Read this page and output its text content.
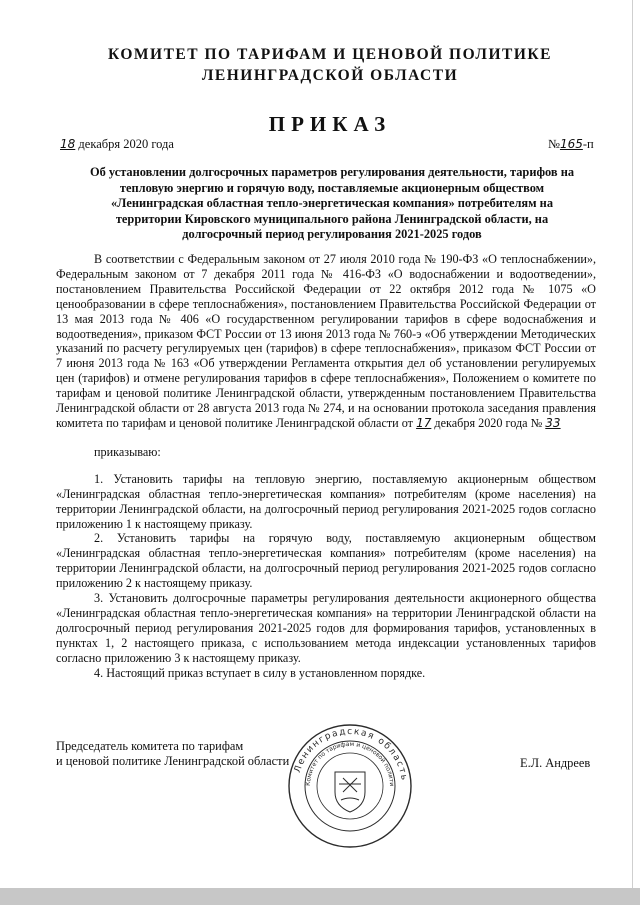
КОМИТЕТ ПО ТАРИФАМ И ЦЕНОВОЙ ПОЛИТИКЕ
ЛЕНИНГРАДСКОЙ ОБЛАСТИ
ПРИКАЗ
18 декабря 2020 года	№165-п
Об установлении долгосрочных параметров регулирования деятельности, тарифов на
тепловую энергию и горячую воду, поставляемые акционерным обществом
«Ленинградская областная тепло-энергетическая компания» потребителям на
территории Кировского муниципального района Ленинградской области, на
долгосрочный период регулирования 2021-2025 годов

В соответствии с Федеральным законом от 27 июля 2010 года № 190-ФЗ «О теплоснабжении», Федеральным законом от 7 декабря 2011 года № 416-ФЗ «О водоснабжении и водоотведении», постановлением Правительства Российской Федерации от 22 октября 2012 года № 1075 «О ценообразовании в сфере теплоснабжения», постановлением Правительства Российской Федерации от 13 мая 2013 года № 406 «О государственном регулировании тарифов в сфере водоснабжения и водоотведения», приказом ФСТ России от 13 июня 2013 года № 760-э «Об утверждении Методических указаний по расчету регулируемых цен (тарифов) в сфере теплоснабжения», приказом ФСТ России от 7 июня 2013 года № 163 «Об утверждении Регламента открытия дел об установлении регулируемых цен (тарифов) и отмене регулирования тарифов в сфере теплоснабжения», Положением о комитете по тарифам и ценовой политике Ленинградской области, утвержденным постановлением Правительства Ленинградской области от 28 августа 2013 года № 274, и на основании протокола заседания правления комитета по тарифам и ценовой политике Ленинградской области от 17 декабря 2020 года № 33

приказываю:

1. Установить тарифы на тепловую энергию, поставляемую акционерным обществом «Ленинградская областная тепло-энергетическая компания» потребителям (кроме населения) на территории Ленинградской области, на долгосрочный период регулирования 2021-2025 годов согласно приложению 1 к настоящему приказу.

2. Установить тарифы на горячую воду, поставляемую акционерным обществом «Ленинградская областная тепло-энергетическая компания» потребителям (кроме населения) на территории Ленинградской области, на долгосрочный период регулирования 2021-2025 годов согласно приложению 2 к настоящему приказу.

3. Установить долгосрочные параметры регулирования деятельности акционерного общества «Ленинградская областная тепло-энергетическая компания» на территории Ленинградской области на долгосрочный период регулирования 2021-2025 годов для формирования тарифов, установленных в пунктах 1, 2 настоящего приказа, с использованием метода индексации установленных тарифов согласно приложению 3 к настоящему приказу.

4. Настоящий приказ вступает в силу в установленном порядке.

Председатель комитета по тарифам
и ценовой политике Ленинградской области	Е.Л. Андреев
Ленинградская область
Комитет по тарифам и ценовой полити
